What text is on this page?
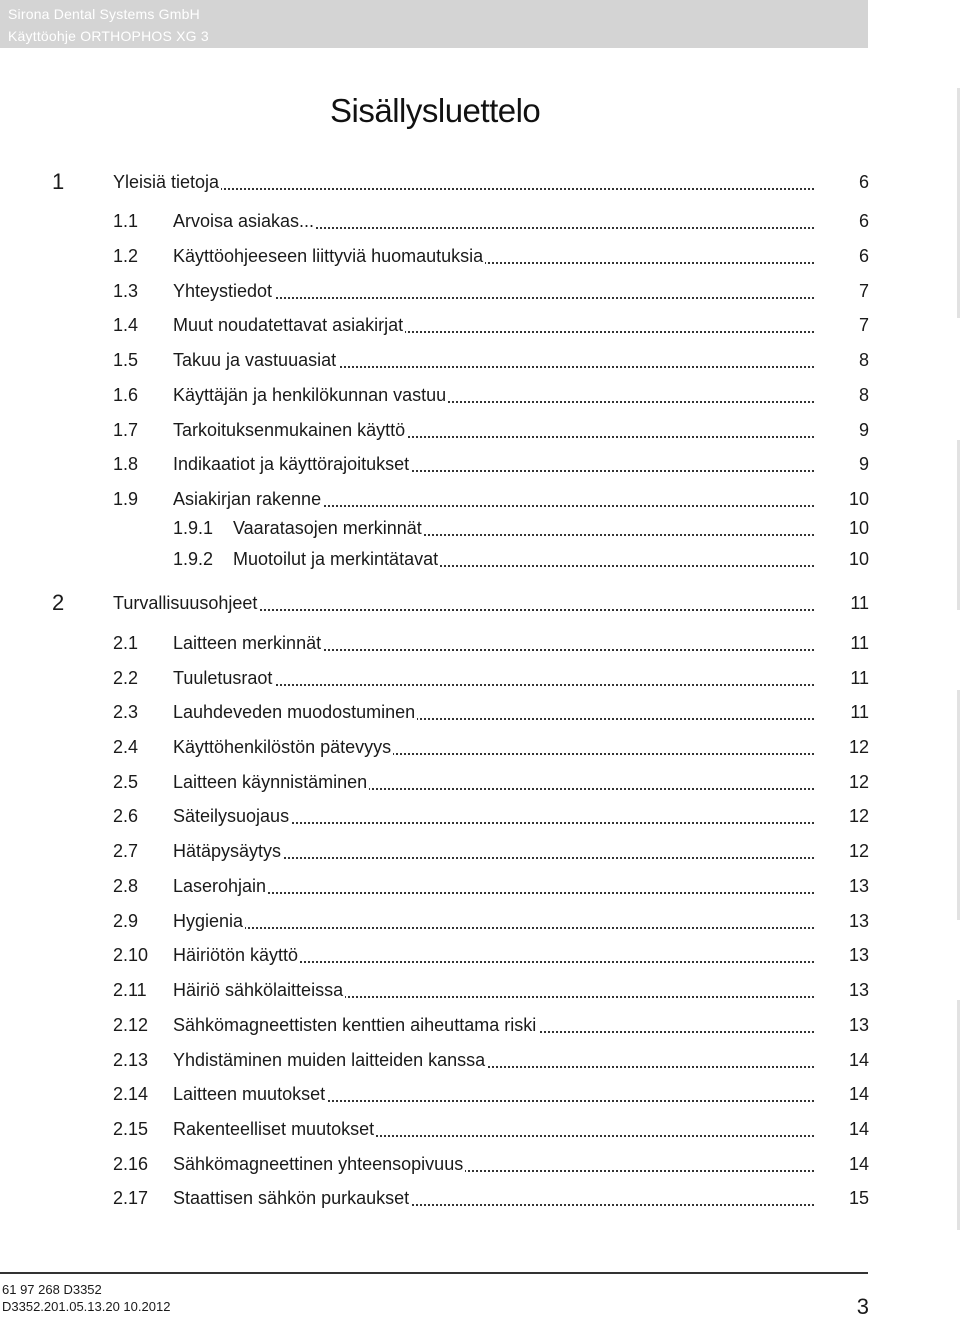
Sirona Dental Systems GmbH
Käyttöohje ORTHOPHOS XG 3
Sisällysluettelo
1	Yleisiä tietoja	6
1.1 Arvoisa asiakas...	6
1.2 Käyttöohjeeseen liittyviä huomautuksia	6
1.3 Yhteystiedot	7
1.4 Muut noudatettavat asiakirjat	7
1.5 Takuu ja vastuuasiat	8
1.6 Käyttäjän ja henkilökunnan vastuu	8
1.7 Tarkoituksenmukainen käyttö	9
1.8 Indikaatiot ja käyttörajoitukset	9
1.9 Asiakirjan rakenne	10
1.9.1 Vaaratasojen merkinnät	10
1.9.2 Muotoilut ja merkintätavat	10
2	Turvallisuusohjeet	11
2.1 Laitteen merkinnät	11
2.2 Tuuletusraot	11
2.3 Lauhdeveden muodostuminen	11
2.4 Käyttöhenkilöstön pätevyys	12
2.5 Laitteen käynnistäminen	12
2.6 Säteilysuojaus	12
2.7 Hätäpysäytys	12
2.8 Laserohjain	13
2.9 Hygienia	13
2.10 Häiriötön käyttö	13
2.11 Häiriö sähkölaitteissa	13
2.12 Sähkömagneettisten kenttien aiheuttama riski	13
2.13 Yhdistäminen muiden laitteiden kanssa	14
2.14 Laitteen muutokset	14
2.15 Rakenteelliset muutokset	14
2.16 Sähkömagneettinen yhteensopivuus	14
2.17 Staattisen sähkön purkaukset	15
61 97 268 D3352
D3352.201.05.13.20 10.2012	3
